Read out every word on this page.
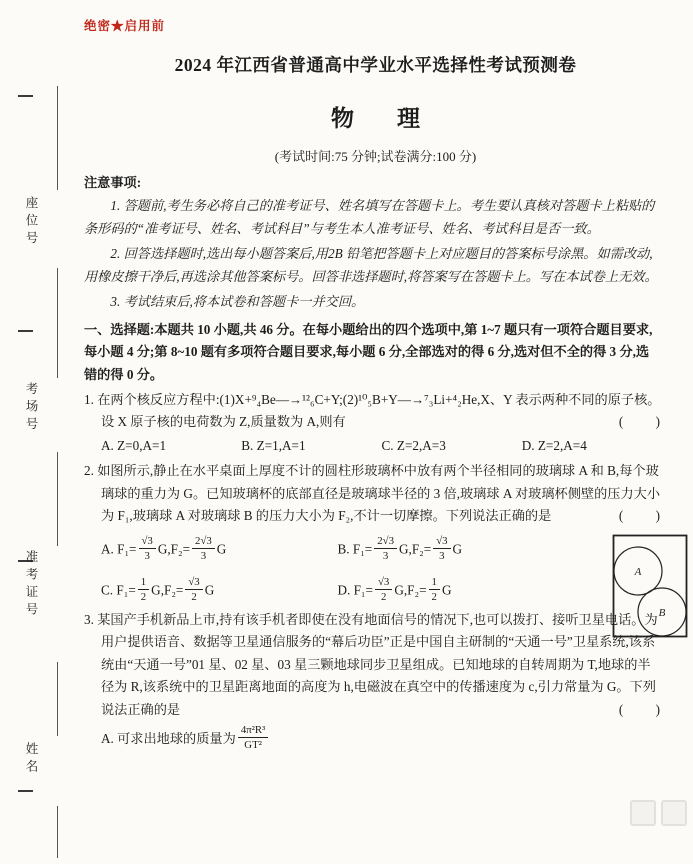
座位号
考场号
准考证号
姓名
绝密★启用前
2024 年江西省普通高中学业水平选择性考试预测卷
物　理
(考试时间:75 分钟;试卷满分:100 分)
注意事项:

1. 答题前,考生务必将自己的准考证号、姓名填写在答题卡上。考生要认真核对答题卡上粘贴的条形码的“准考证号、姓名、考试科目”与考生本人准考证号、姓名、考试科目是否一致。

2. 回答选择题时,选出每小题答案后,用2B 铅笔把答题卡上对应题目的答案标号涂黑。如需改动,用橡皮擦干净后,再选涂其他答案标号。回答非选择题时,将答案写在答题卡上。写在本试卷上无效。

3. 考试结束后,将本试卷和答题卡一并交回。

一、选择题:本题共 10 小题,共 46 分。在每小题给出的四个选项中,第 1~7 题只有一项符合题目要求,每小题 4 分;第 8~10 题有多项符合题目要求,每小题 6 分,全部选对的得 6 分,选对但不全的得 3 分,选错的得 0 分。

1. 在两个核反应方程中:(1)X+⁹₄Be―→¹²₆C+Y;(2)¹⁰₅B+Y―→⁷₃Li+⁴₂He,X、Y 表示两种不同的原子核。设 X 原子核的电荷数为 Z,质量数为 A,则有	(　　)

A. Z=0,A=1	B. Z=1,A=1	C. Z=2,A=3	D. Z=2,A=4

2. 如图所示,静止在水平桌面上厚度不计的圆柱形玻璃杯中放有两个半径相同的玻璃球 A 和 B,每个玻璃球的重力为 G。已知玻璃杯的底部直径是玻璃球半径的 3 倍,玻璃球 A 对玻璃杯侧壁的压力大小为 F₁,玻璃球 A 对玻璃球 B 的压力大小为 F₂,不计一切摩擦。下列说法正确的是	(　　)

A. $F_1= \frac{√3}{3} G,F_2= \frac{2√3}{3}$ G	B. $F_1= \frac{2√3}{3} G,F_2= \frac{√3}{3}$ G
C. $F_1= \frac{1}{2} G,F_2= \frac{√3}{2}$ G	D. $F_1= \frac{√3}{2} G,F_2= \frac{1}{2}$ G
A
B

3. 某国产手机新品上市,持有该手机者即使在没有地面信号的情况下,也可以拨打、接听卫星电话。为用户提供语音、数据等卫星通信服务的“幕后功臣”正是中国自主研制的“天通一号”卫星系统,该系统由“天通一号”01 星、02 星、03 星三颗地球同步卫星组成。已知地球的自转周期为 T,地球的半径为 R,该系统中的卫星距离地面的高度为 h,电磁波在真空中的传播速度为 c,引力常量为 G。下列说法正确的是	(　　)

A. 可求出地球的质量为 $\frac{\text{4π²R³}}{\text{GT²}}$
